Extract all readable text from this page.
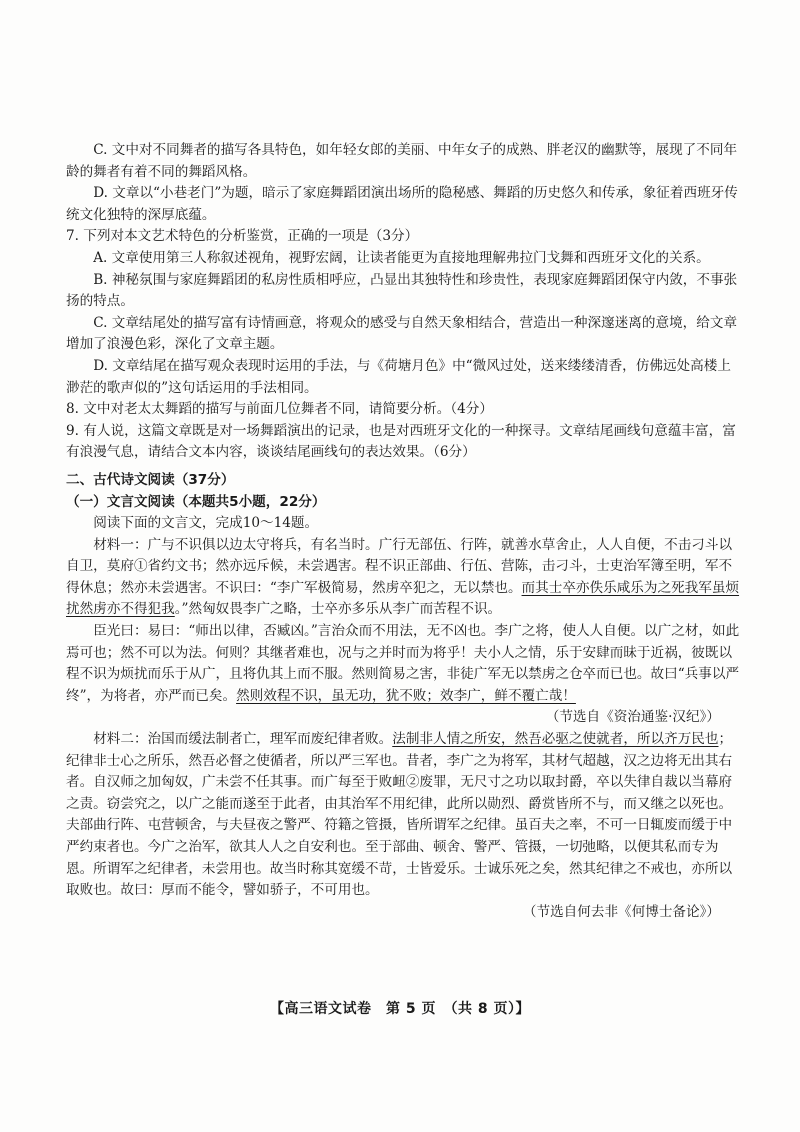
C. 文中对不同舞者的描写各具特色，如年轻女郎的美丽、中年女子的成熟、胖老汉的幽默等，展现了不同年龄的舞者有着不同的舞蹈风格。

D. 文章以“小巷老门”为题，暗示了家庭舞蹈团演出场所的隐秘感、舞蹈的历史悠久和传承，象征着西班牙传统文化独特的深厚底蕴。

7. 下列对本文艺术特色的分析鉴赏，正确的一项是（3分）

A. 文章使用第三人称叙述视角，视野宏阔，让读者能更为直接地理解弗拉门戈舞和西班牙文化的关系。

B. 神秘氛围与家庭舞蹈团的私房性质相呼应，凸显出其独特性和珍贵性，表现家庭舞蹈团保守内敛，不事张扬的特点。

C. 文章结尾处的描写富有诗情画意，将观众的感受与自然天象相结合，营造出一种深邃迷离的意境，给文章增加了浪漫色彩，深化了文章主题。

D. 文章结尾在描写观众表现时运用的手法，与《荷塘月色》中“微风过处，送来缕缕清香，仿佛远处高楼上渺茫的歌声似的”这句话运用的手法相同。

8. 文中对老太太舞蹈的描写与前面几位舞者不同，请简要分析。（4分）

9. 有人说，这篇文章既是对一场舞蹈演出的记录，也是对西班牙文化的一种探寻。文章结尾画线句意蕴丰富，富有浪漫气息，请结合文本内容，谈谈结尾画线句的表达效果。（6分）

二、古代诗文阅读（37分）

（一）文言文阅读（本题共5小题，22分）

阅读下面的文言文，完成10～14题。

材料一：广与不识俱以边太守将兵，有名当时。广行无部伍、行阵，就善水草舍止，人人自便，不击刁斗以自卫，莫府①省约文书；然亦远斥候，未尝遇害。程不识正部曲、行伍、营陈，击刁斗，士吏治军簿至明，军不得休息；然亦未尝遇害。不识曰：“李广军极简易，然虏卒犯之，无以禁也。而其士卒亦佚乐咸乐为之死我军虽烦扰然虏亦不得犯我。”然匈奴畏李广之略，士卒亦多乐从李广而苦程不识。

臣光曰：易曰：“师出以律，否臧凶。”言治众而不用法，无不凶也。李广之将，使人人自便。以广之材，如此焉可也；然不可以为法。何则？其继者难也，况与之并时而为将乎！夫小人之情，乐于安肆而昧于近祸，彼既以程不识为烦扰而乐于从广，且将仇其上而不服。然则简易之害，非徒广军无以禁虏之仓卒而已也。故曰“兵事以严终”，为将者，亦严而已矣。然则效程不识，虽无功，犹不败；效李广，鲜不覆亡哉！

（节选自《资治通鉴·汉纪》）

材料二：治国而缓法制者亡，理军而废纪律者败。法制非人情之所安，然吾必驱之使就者，所以齐万民也；纪律非士心之所乐，然吾必督之使循者，所以严三军也。昔者，李广之为将军，其材气超越，汉之边将无出其右者。自汉师之加匈奴，广未尝不任其事。而广每至于败衄②废罪，无尺寸之功以取封爵，卒以失律自裁以当幕府之责。窃尝究之，以广之能而遂至于此者，由其治军不用纪律，此所以勋烈、爵赏皆所不与，而又继之以死也。夫部曲行阵、屯营顿舍，与夫昼夜之警严、符籍之管摄，皆所谓军之纪律。虽百夫之率，不可一日辄废而缓于中严约束者也。今广之治军，欲其人人之自安利也。至于部曲、顿舍、警严、管摄，一切弛略，以便其私而专为恩。所谓军之纪律者，未尝用也。故当时称其宽缓不苛，士皆爱乐。士诚乐死之矣，然其纪律之不戒也，亦所以取败也。故曰：厚而不能令，譬如骄子，不可用也。

（节选自何去非《何博士备论》）

【高三语文试卷　第 5 页　（共 8 页）】
